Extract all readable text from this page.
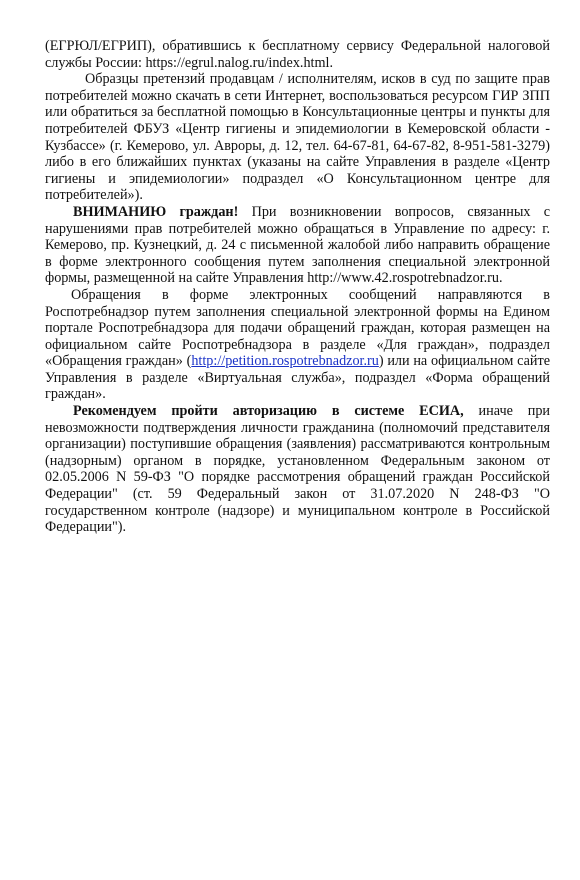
(ЕГРЮЛ/ЕГРИП), обратившись к бесплатному сервису Федеральной налоговой службы России: https://egrul.nalog.ru/index.html.

Образцы претензий продавцам / исполнителям, исков в суд по защите прав потребителей можно скачать в сети Интернет, воспользоваться ресурсом ГИР ЗПП или обратиться за бесплатной помощью в Консультационные центры и пункты для потребителей ФБУЗ «Центр гигиены и эпидемиологии в Кемеровской области - Кузбассе» (г. Кемерово, ул. Авроры, д. 12, тел. 64-67-81, 64-67-82, 8-951-581-3279) либо в его ближайших пунктах (указаны на сайте Управления в разделе «Центр гигиены и эпидемиологии» подраздел «О Консультационном центре для потребителей»).

ВНИМАНИЮ граждан! При возникновении вопросов, связанных с нарушениями прав потребителей можно обращаться в Управление по адресу: г. Кемерово, пр. Кузнецкий, д. 24 с письменной жалобой либо направить обращение в форме электронного сообщения путем заполнения специальной электронной формы, размещенной на сайте Управления http://www.42.rospotrebnadzor.ru.

Обращения в форме электронных сообщений направляются в Роспотребнадзор путем заполнения специальной электронной формы на Едином портале Роспотребнадзора для подачи обращений граждан, которая размещен на официальном сайте Роспотребнадзора в разделе «Для граждан», подраздел «Обращения граждан» (http://petition.rospotrebnadzor.ru) или на официальном сайте Управления в разделе «Виртуальная служба», подраздел «Форма обращений граждан».

Рекомендуем пройти авторизацию в системе ЕСИА, иначе при невозможности подтверждения личности гражданина (полномочий представителя организации) поступившие обращения (заявления) рассматриваются контрольным (надзорным) органом в порядке, установленном Федеральным законом от 02.05.2006 N 59-ФЗ "О порядке рассмотрения обращений граждан Российской Федерации" (ст. 59 Федеральный закон от 31.07.2020 N 248-ФЗ "О государственном контроле (надзоре) и муниципальном контроле в Российской Федерации").
